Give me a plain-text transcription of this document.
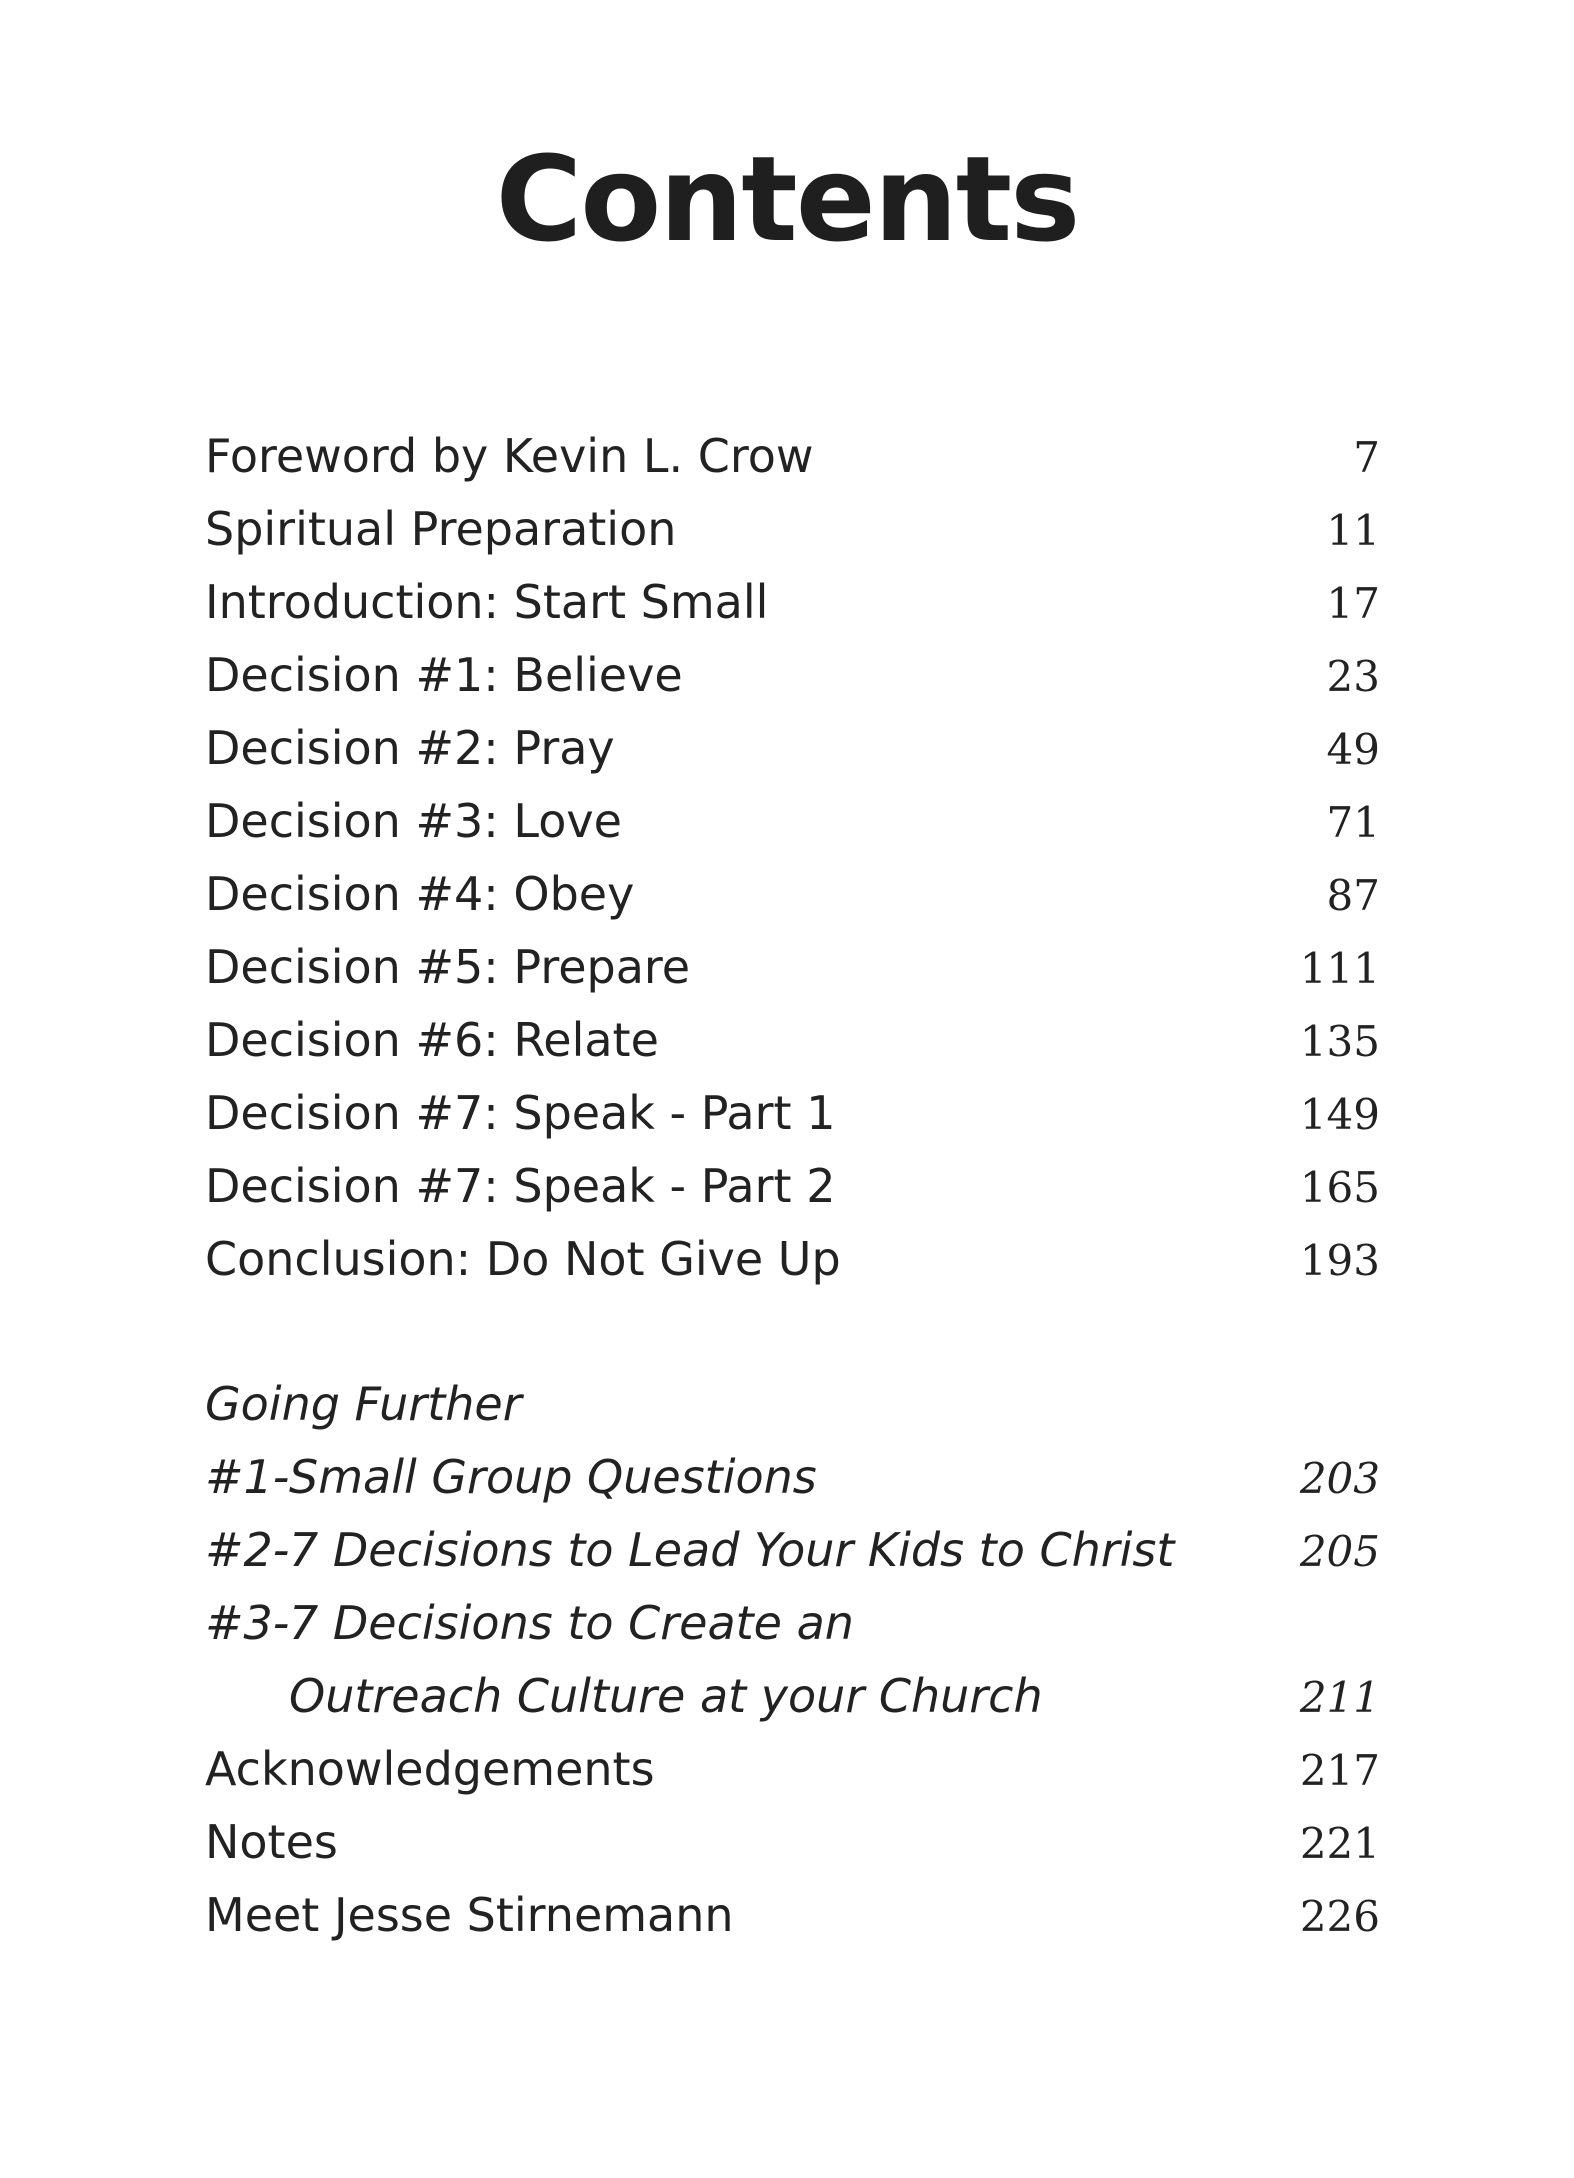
Contents
Foreword by Kevin L. Crow	7
Spiritual Preparation	11
Introduction: Start Small	17
Decision #1: Believe	23
Decision #2: Pray	49
Decision #3: Love	71
Decision #4: Obey	87
Decision #5: Prepare	111
Decision #6: Relate	135
Decision #7: Speak - Part 1	149
Decision #7: Speak - Part 2	165
Conclusion: Do Not Give Up	193
Going Further
#1-Small Group Questions	203
#2-7 Decisions to Lead Your Kids to Christ	205
#3-7 Decisions to Create an
Outreach Culture at your Church	211
Acknowledgements	217
Notes	221
Meet Jesse Stirnemann	226
